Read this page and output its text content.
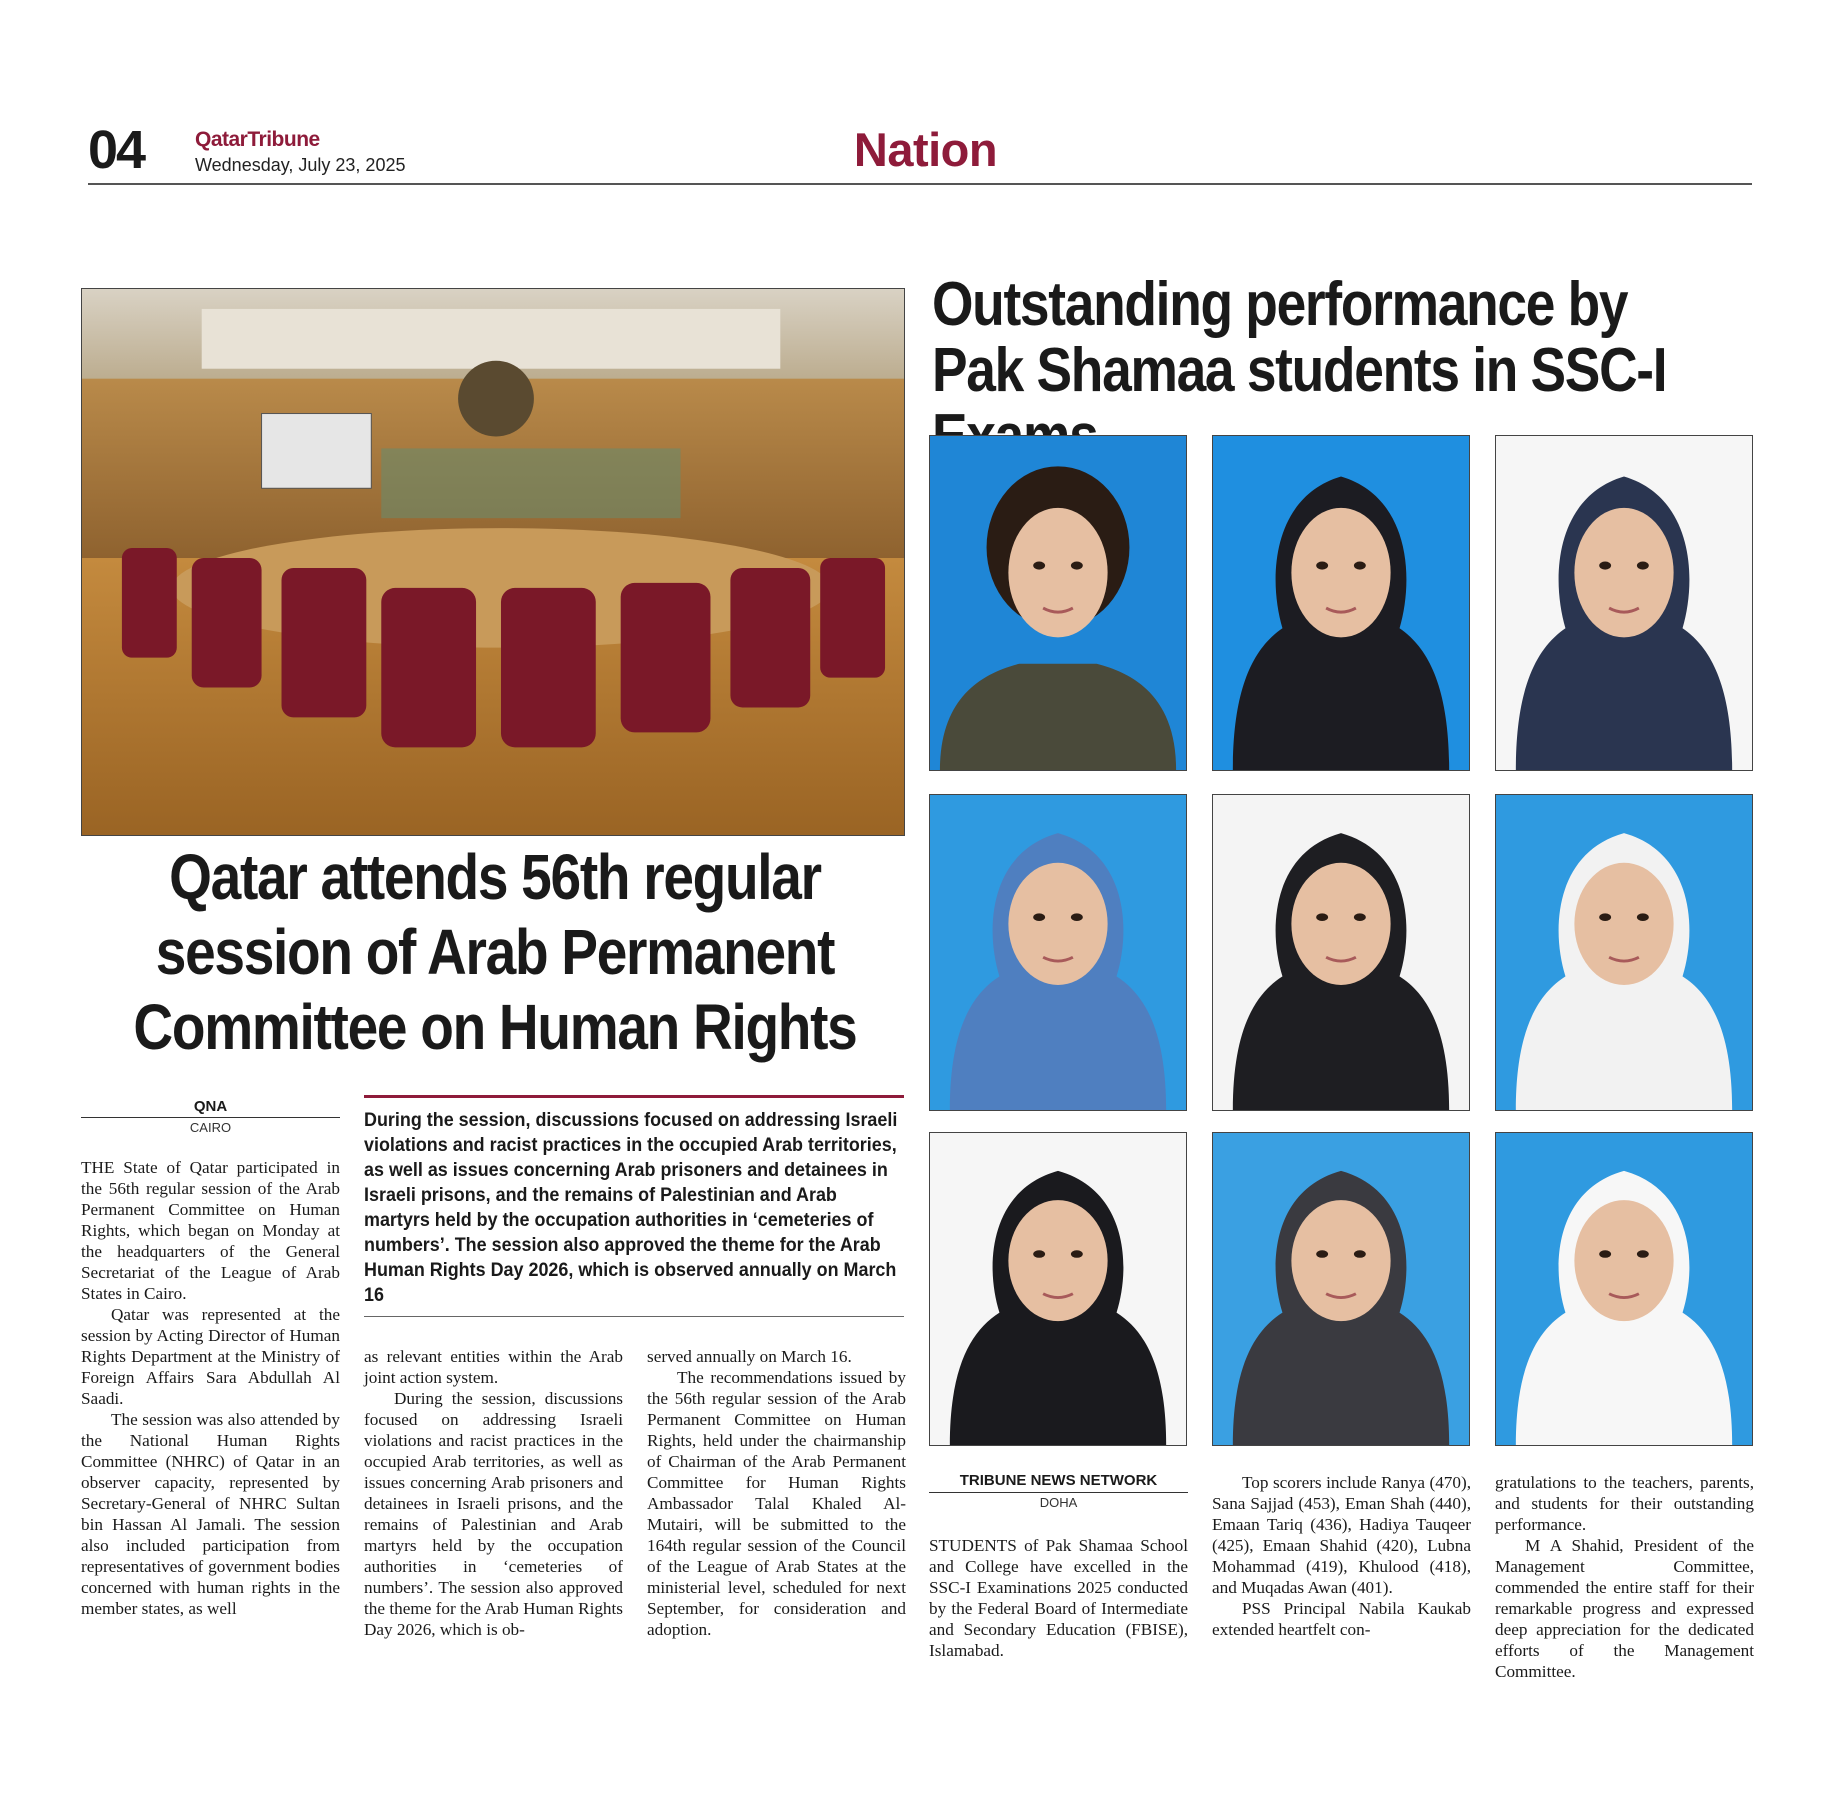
04 QatarTribune
Wednesday, July 23, 2025	Nation
Qatar attends 56th regular session of Arab Permanent Committee on Human Rights
QNA
CAIRO	During the session, discussions focused on addressing Israeli violations and racist practices in the occupied Arab territories, as well as issues concerning Arab prisoners and detainees in Israeli prisons, and the remains of Palestinian and Arab martyrs held by the occupation authorities in ‘cemeteries of numbers’. The session also approved the theme for the Arab Human Rights Day 2026, which is observed annually on March 16

THE State of Qatar participated in the 56th regular session of the Arab Permanent Committee on Human Rights, which began on Monday at the headquarters of the General Secretariat of the League of Arab States in Cairo.

Qatar was represented at the session by Acting Director of Human Rights Department at the Ministry of Foreign Affairs Sara Abdullah Al Saadi.

The session was also attended by the National Human Rights Committee (NHRC) of Qatar in an observer capacity, represented by Secretary-General of NHRC Sultan bin Hassan Al Jamali. The session also included participation from representatives of government bodies concerned with human rights in the member states, as well

as relevant entities within the Arab joint action system.

During the session, discussions focused on addressing Israeli violations and racist practices in the occupied Arab territories, as well as issues concerning Arab prisoners and detainees in Israeli prisons, and the remains of Palestinian and Arab martyrs held by the occupation authorities in ‘cemeteries of numbers’. The session also approved the theme for the Arab Human Rights Day 2026, which is ob-

served annually on March 16.

The recommendations issued by the 56th regular session of the Arab Permanent Committee on Human Rights, held under the chairmanship of Chairman of the Arab Permanent Committee for Human Rights Ambassador Talal Khaled Al-Mutairi, will be submitted to the 164th regular session of the Council of the League of Arab States at the ministerial level, scheduled for next September, for consideration and adoption.

Outstanding performance by Pak Shamaa students in SSC-I
TRIBUNE NEWS NETWORK
DOHA

STUDENTS of Pak Shamaa School and College have excelled in the SSC-I Examinations 2025 conducted by the Federal Board of Intermediate and Secondary Education (FBISE), Islamabad.

Top scorers include Ranya (470), Sana Sajjad (453), Eman Shah (440), Emaan Tariq (436), Hadiya Tauqeer (425), Emaan Shahid (420), Lubna Mohammad (419), Khulood (418), and Muqadas Awan (401).

PSS Principal Nabila Kaukab extended heartfelt con-

gratulations to the teachers, parents, and students for their outstanding performance.

M A Shahid, President of the Management Committee, commended the entire staff for their remarkable progress and expressed deep appreciation for the dedicated efforts of the Management Committee.
